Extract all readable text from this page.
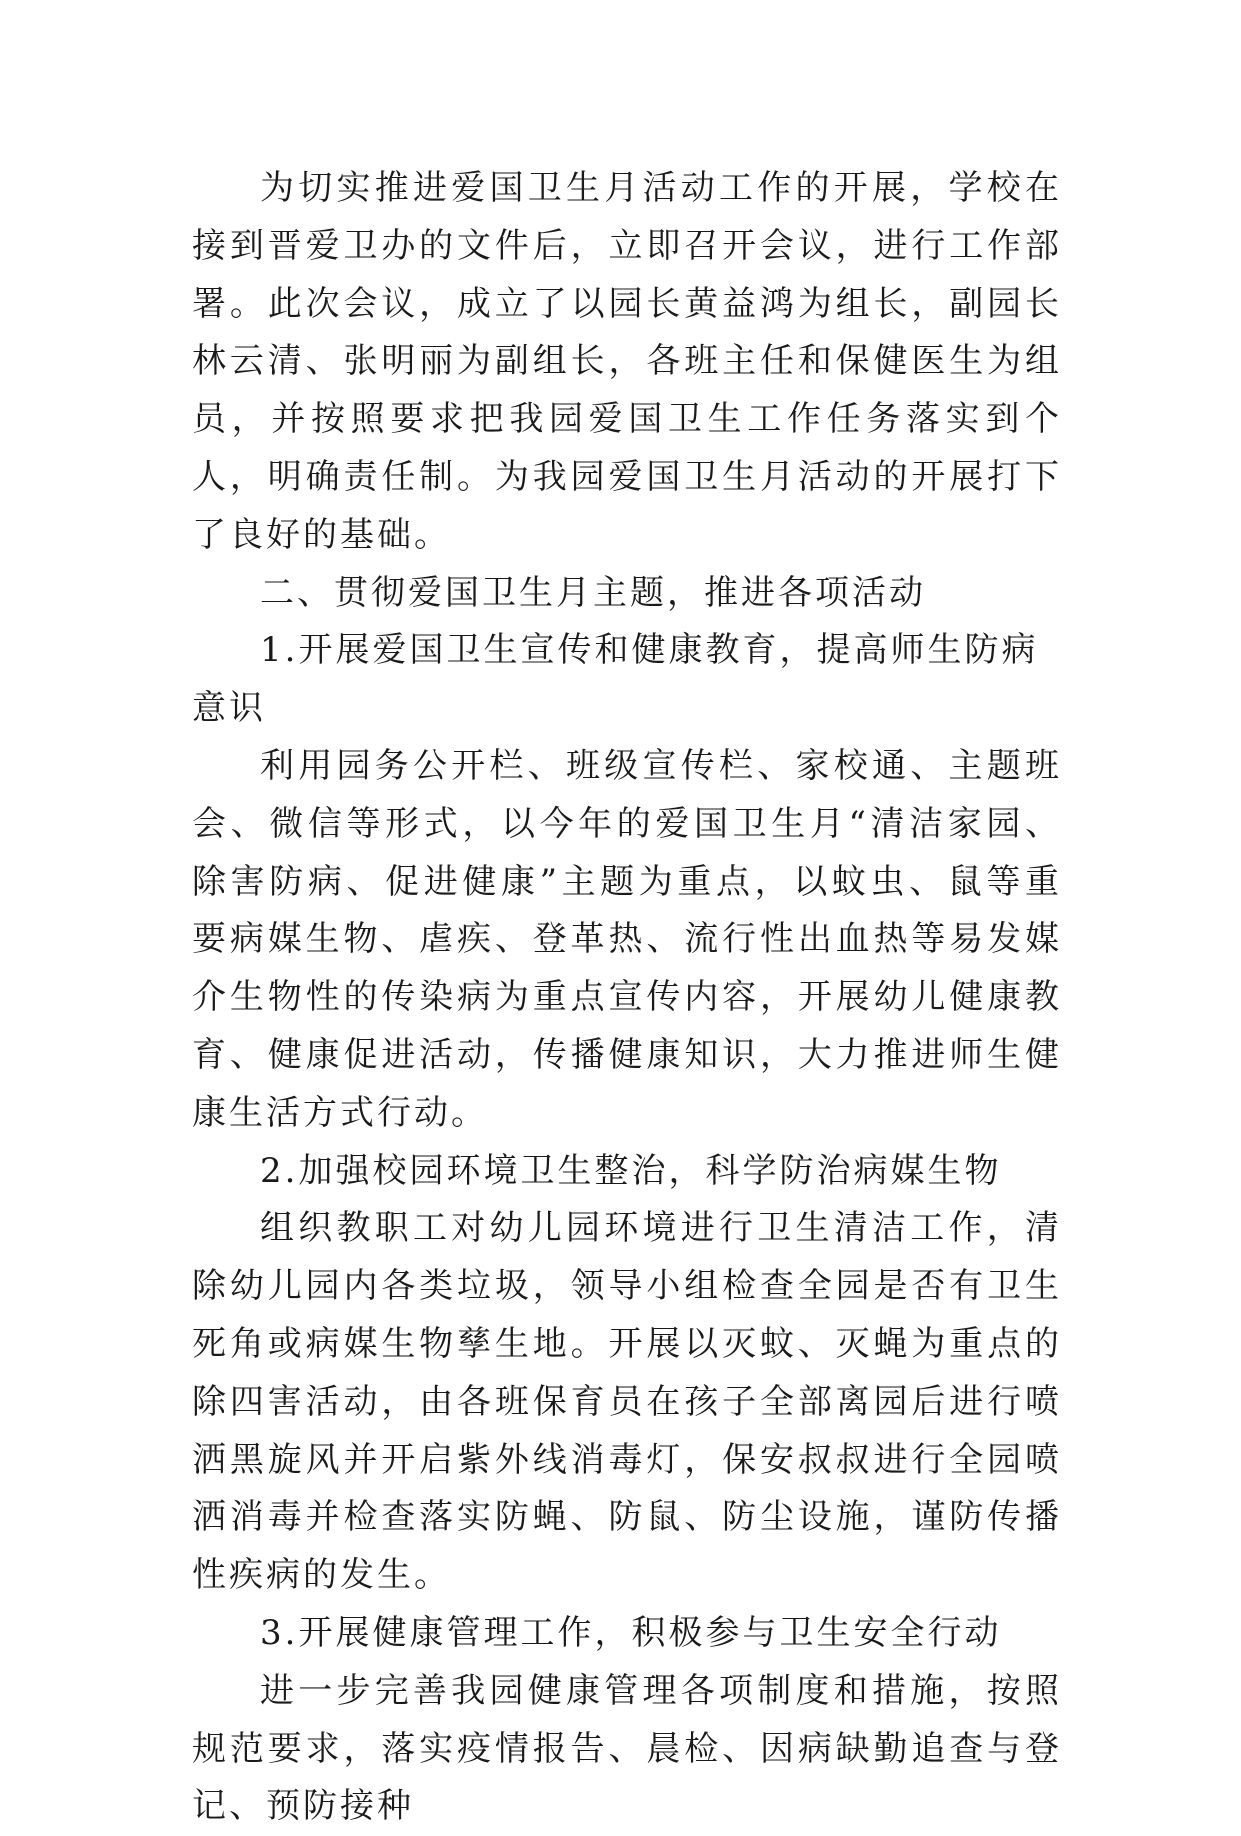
为切实推进爱国卫生月活动工作的开展，学校在接到晋爱卫办的文件后，立即召开会议，进行工作部署。此次会议，成立了以园长黄益鸿为组长，副园长林云清、张明丽为副组长，各班主任和保健医生为组员，并按照要求把我园爱国卫生工作任务落实到个人，明确责任制。为我园爱国卫生月活动的开展打下了良好的基础。

二、贯彻爱国卫生月主题，推进各项活动

1.开展爱国卫生宣传和健康教育，提高师生防病意识

利用园务公开栏、班级宣传栏、家校通、主题班会、微信等形式，以今年的爱国卫生月“清洁家园、除害防病、促进健康”主题为重点，以蚊虫、鼠等重要病媒生物、虐疾、登革热、流行性出血热等易发媒介生物性的传染病为重点宣传内容，开展幼儿健康教育、健康促进活动，传播健康知识，大力推进师生健康生活方式行动。

2.加强校园环境卫生整治，科学防治病媒生物

组织教职工对幼儿园环境进行卫生清洁工作，清除幼儿园内各类垃圾，领导小组检查全园是否有卫生死角或病媒生物孳生地。开展以灭蚊、灭蝇为重点的除四害活动，由各班保育员在孩子全部离园后进行喷洒黑旋风并开启紫外线消毒灯，保安叔叔进行全园喷洒消毒并检查落实防蝇、防鼠、防尘设施，谨防传播性疾病的发生。

3.开展健康管理工作，积极参与卫生安全行动

进一步完善我园健康管理各项制度和措施，按照规范要求，落实疫情报告、晨检、因病缺勤追查与登记、预防接种
